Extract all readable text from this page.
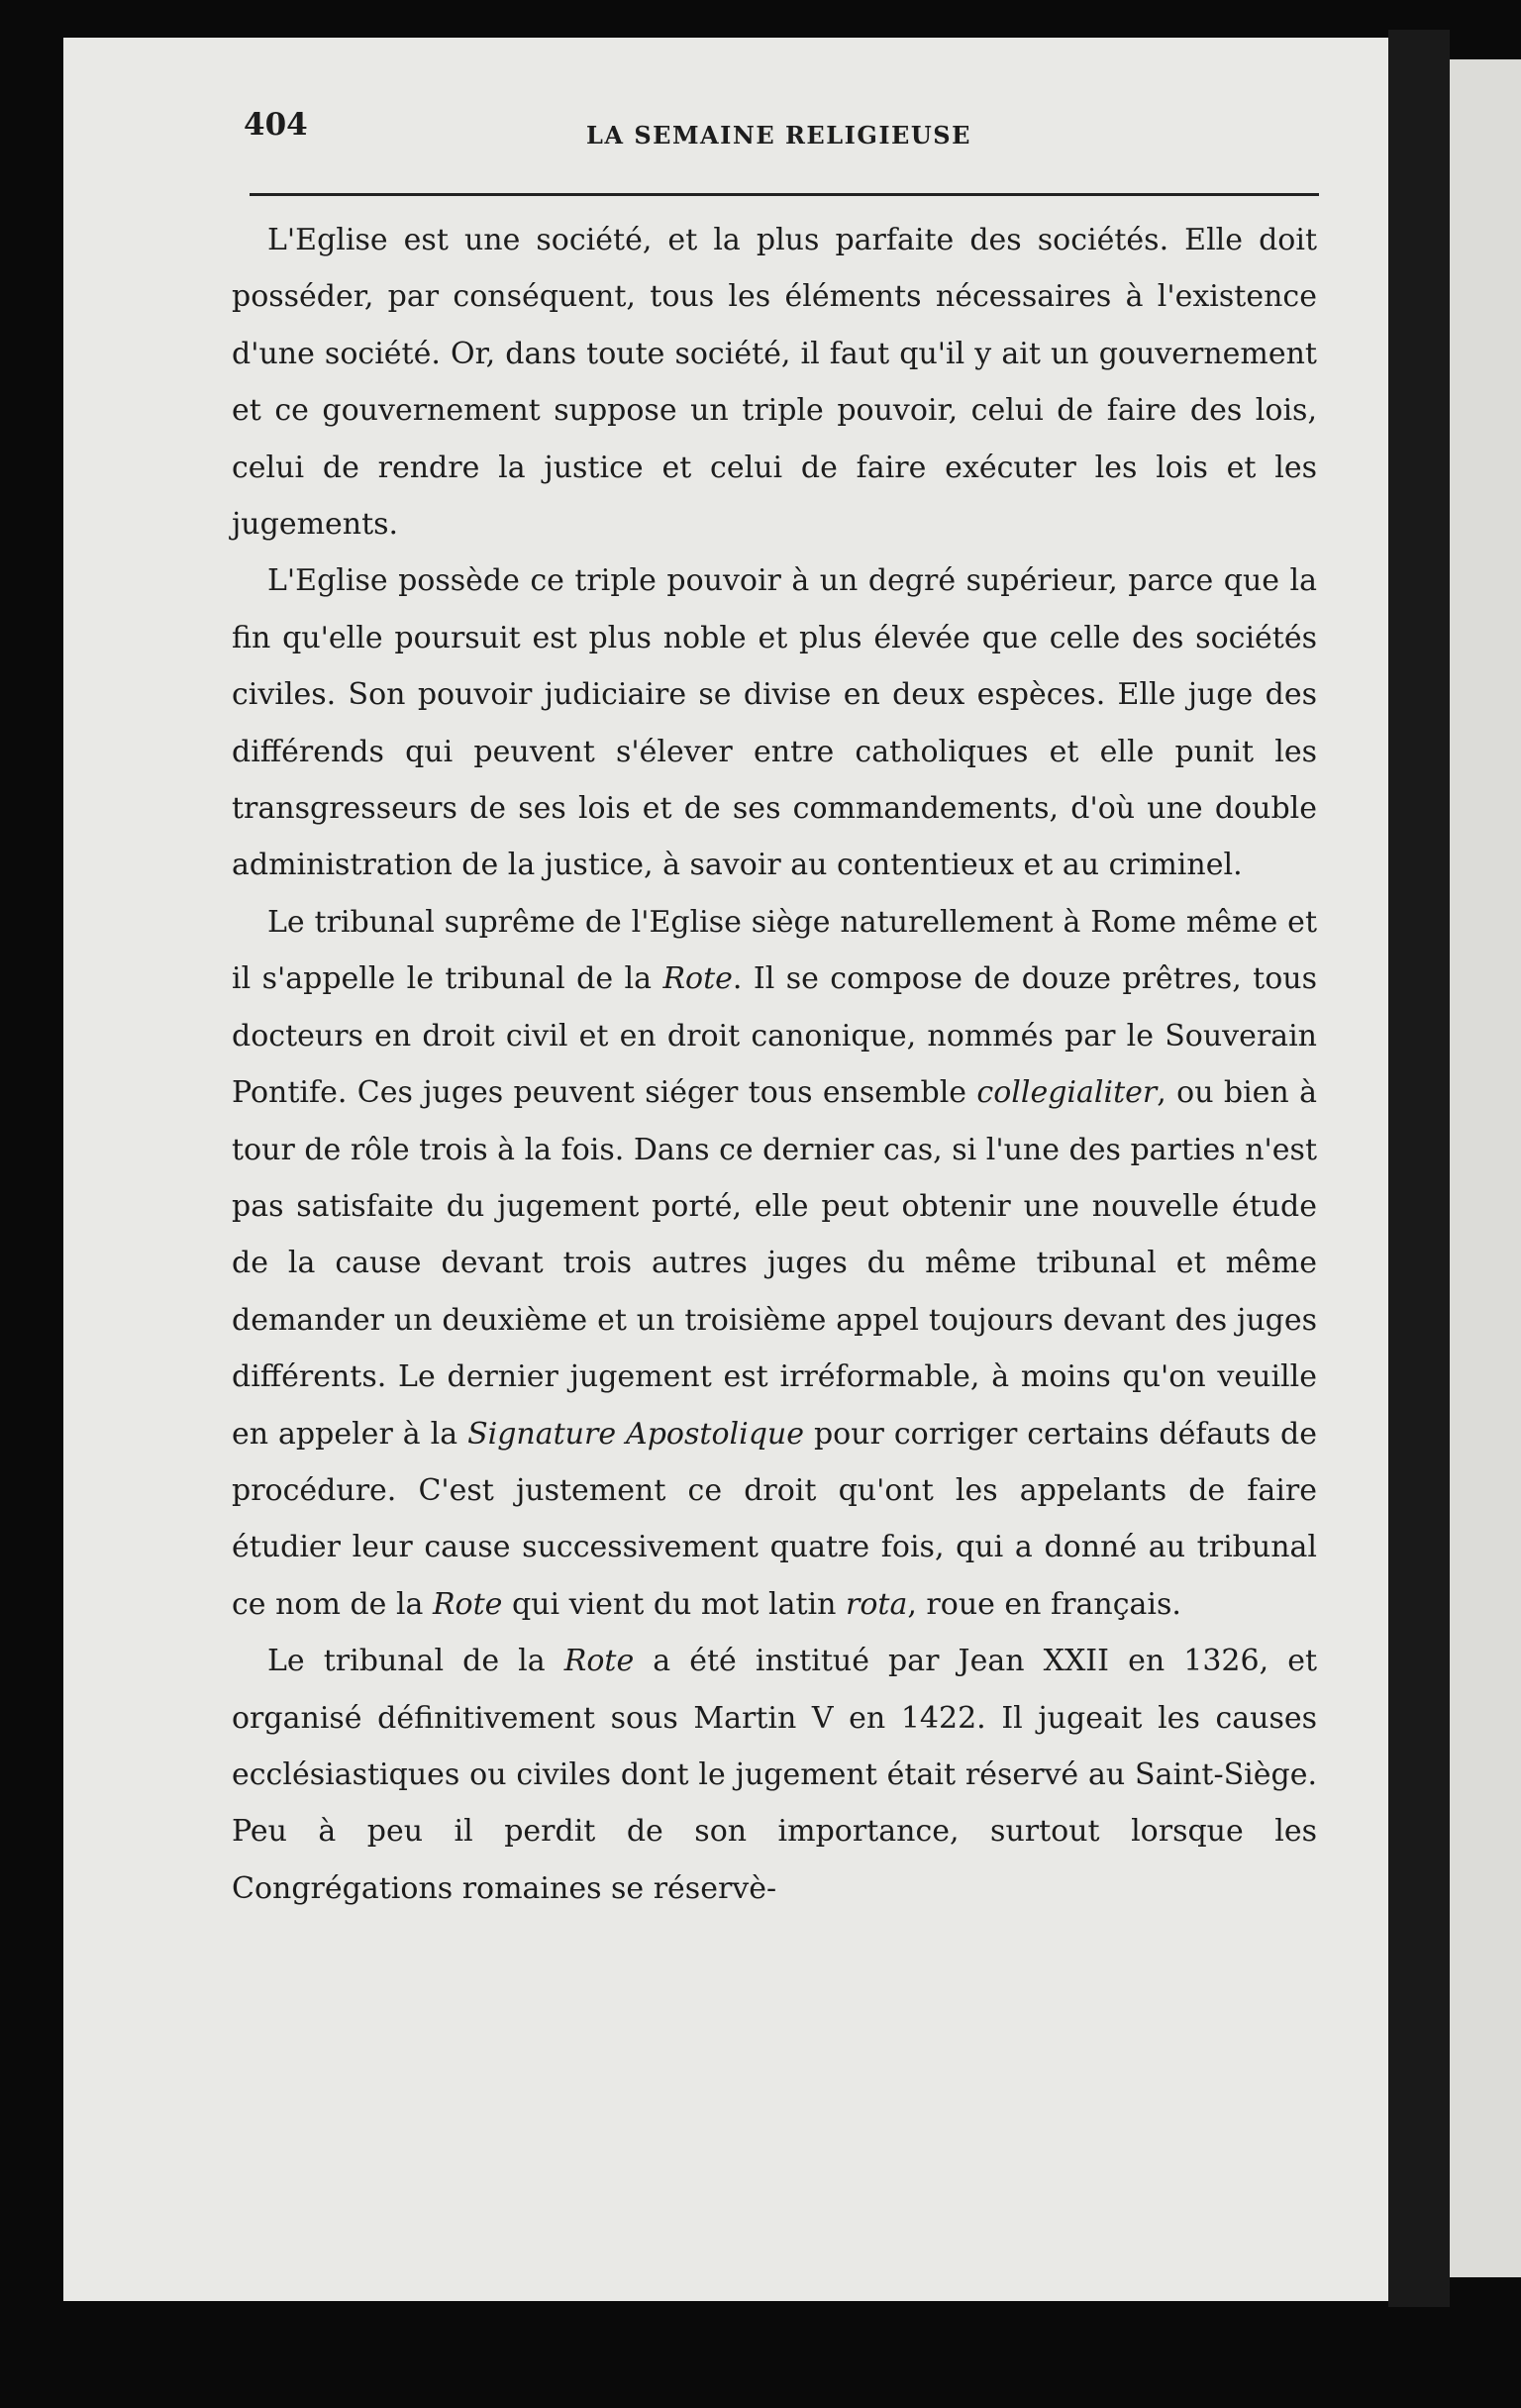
404	LA SEMAINE RELIGIEUSE

L'Eglise est une société, et la plus parfaite des sociétés. Elle doit posséder, par conséquent, tous les éléments nécessaires à l'existence d'une société. Or, dans toute société, il faut qu'il y ait un gouvernement et ce gouvernement suppose un triple pouvoir, celui de faire des lois, celui de rendre la justice et celui de faire exécuter les lois et les jugements.

L'Eglise possède ce triple pouvoir à un degré supérieur, parce que la fin qu'elle poursuit est plus noble et plus élevée que celle des sociétés civiles. Son pouvoir judiciaire se divise en deux espèces. Elle juge des différends qui peuvent s'élever entre catholiques et elle punit les transgresseurs de ses lois et de ses commandements, d'où une double administration de la justice, à savoir au contentieux et au criminel.

Le tribunal suprême de l'Eglise siège naturellement à Rome même et il s'appelle le tribunal de la Rote. Il se compose de douze prêtres, tous docteurs en droit civil et en droit canonique, nommés par le Souverain Pontife. Ces juges peuvent siéger tous ensemble collegialiter, ou bien à tour de rôle trois à la fois. Dans ce dernier cas, si l'une des parties n'est pas satisfaite du jugement porté, elle peut obtenir une nouvelle étude de la cause devant trois autres juges du même tribunal et même demander un deuxième et un troisième appel toujours devant des juges différents. Le dernier jugement est irréformable, à moins qu'on veuille en appeler à la Signature Apostolique pour corriger certains défauts de procédure. C'est justement ce droit qu'ont les appelants de faire étudier leur cause successivement quatre fois, qui a donné au tribunal ce nom de la Rote qui vient du mot latin rota, roue en français.

Le tribunal de la Rote a été institué par Jean XXII en 1326, et organisé définitivement sous Martin V en 1422. Il jugeait les causes ecclésiastiques ou civiles dont le jugement était réservé au Saint-Siège. Peu à peu il perdit de son importance, surtout lorsque les Congrégations romaines se réservè-
